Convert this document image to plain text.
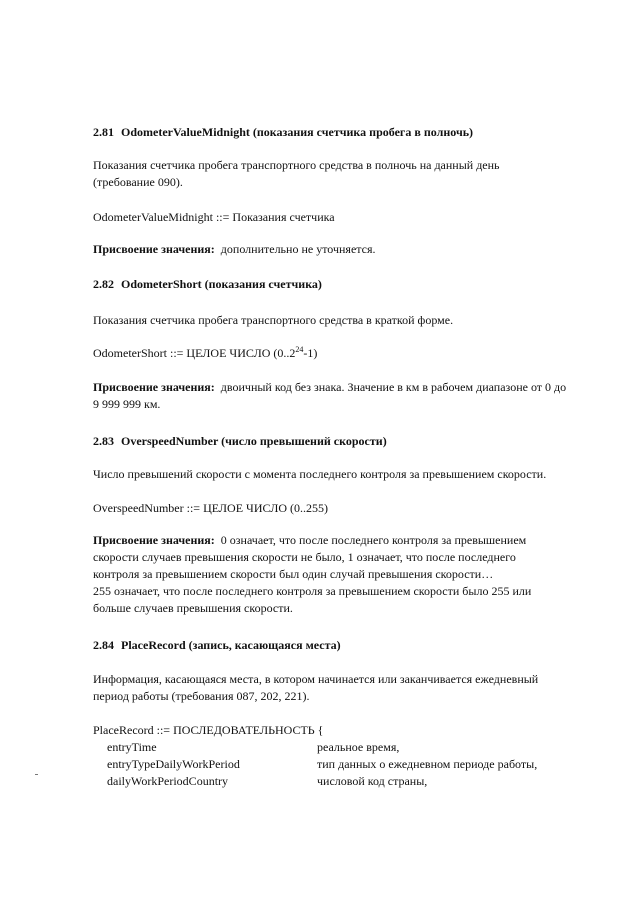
2.81 OdometerValueMidnight (показания счетчика пробега в полночь)
Показания счетчика пробега транспортного средства в полночь на данный день (требование 090).
OdometerValueMidnight ::= Показания счетчика
Присвоение значения: дополнительно не уточняется.
2.82 OdometerShort (показания счетчика)
Показания счетчика пробега транспортного средства в краткой форме.
OdometerShort ::= ЦЕЛОЕ ЧИСЛО (0..2$^{24}$-1)
Присвоение значения: двоичный код без знака. Значение в км в рабочем диапазоне от 0 до 9 999 999 км.
2.83 OverspeedNumber (число превышений скорости)
Число превышений скорости с момента последнего контроля за превышением скорости.
OverspeedNumber ::= ЦЕЛОЕ ЧИСЛО (0..255)
Присвоение значения: 0 означает, что после последнего контроля за превышением скорости случаев превышения скорости не было, 1 означает, что после последнего контроля за превышением скорости был один случай превышения скорости…
255 означает, что после последнего контроля за превышением скорости было 255 или больше случаев превышения скорости.
2.84 PlaceRecord (запись, касающаяся места)
Информация, касающаяся места, в котором начинается или заканчивается ежедневный период работы (требования 087, 202, 221).
PlaceRecord ::= ПОСЛЕДОВАТЕЛЬНОСТЬ {
entryTime	реальное время,
entryTypeDailyWorkPeriod	тип данных о ежедневном периоде работы,
dailyWorkPeriodCountry	числовой код страны,
